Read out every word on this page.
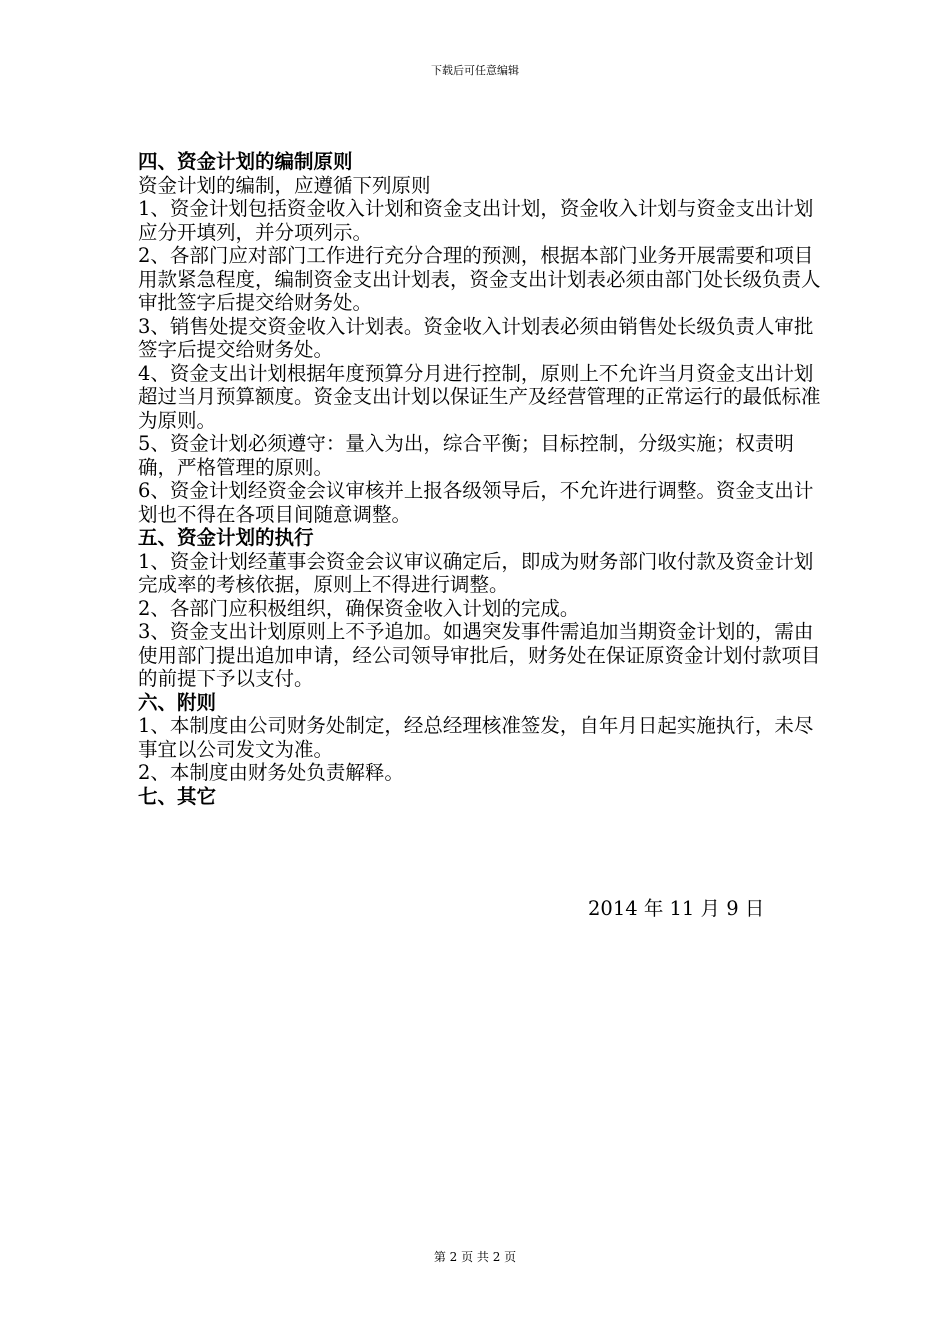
下载后可任意编辑

四、资金计划的编制原则

资金计划的编制，应遵循下列原则

1、资金计划包括资金收入计划和资金支出计划，资金收入计划与资金支出计划应分开填列，并分项列示。

2、各部门应对部门工作进行充分合理的预测，根据本部门业务开展需要和项目用款紧急程度，编制资金支出计划表，资金支出计划表必须由部门处长级负责人审批签字后提交给财务处。

3、销售处提交资金收入计划表。资金收入计划表必须由销售处长级负责人审批签字后提交给财务处。

4、资金支出计划根据年度预算分月进行控制，原则上不允许当月资金支出计划超过当月预算额度。资金支出计划以保证生产及经营管理的正常运行的最低标准为原则。

5、资金计划必须遵守：量入为出，综合平衡；目标控制，分级实施；权责明确，严格管理的原则。

6、资金计划经资金会议审核并上报各级领导后，不允许进行调整。资金支出计划也不得在各项目间随意调整。

五、资金计划的执行

1、资金计划经董事会资金会议审议确定后，即成为财务部门收付款及资金计划完成率的考核依据，原则上不得进行调整。

2、各部门应积极组织，确保资金收入计划的完成。

3、资金支出计划原则上不予追加。如遇突发事件需追加当期资金计划的，需由使用部门提出追加申请，经公司领导审批后，财务处在保证原资金计划付款项目的前提下予以支付。

六、附则

1、本制度由公司财务处制定，经总经理核准签发，自年月日起实施执行，未尽事宜以公司发文为准。

2、本制度由财务处负责解释。

七、其它

2014 年 11 月 9 日
第 2 页 共 2 页
